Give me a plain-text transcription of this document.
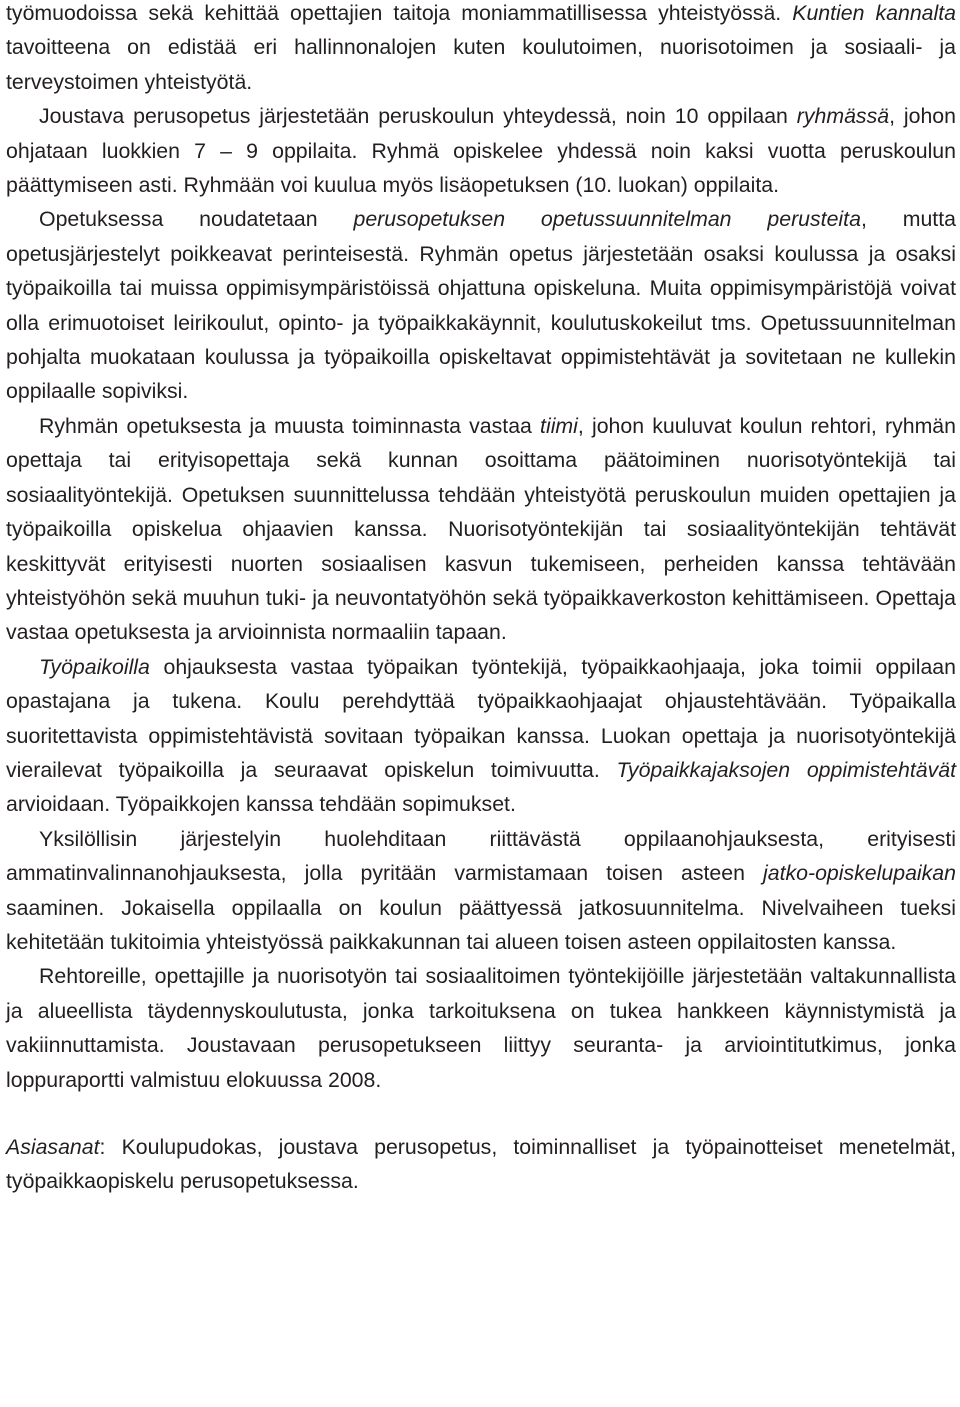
työmuodoissa sekä kehittää opettajien taitoja moniammatillisessa yhteistyössä. Kuntien kannalta tavoitteena on edistää eri hallinnonalojen kuten koulutoimen, nuorisotoimen ja sosiaali- ja terveystoimen yhteistyötä.

Joustava perusopetus järjestetään peruskoulun yhteydessä, noin 10 oppilaan ryhmässä, johon ohjataan luokkien 7 – 9 oppilaita. Ryhmä opiskelee yhdessä noin kaksi vuotta peruskoulun päättymiseen asti. Ryhmään voi kuulua myös lisäopetuksen (10. luokan) oppilaita.

Opetuksessa noudatetaan perusopetuksen opetussuunnitelman perusteita, mutta opetusjärjestelyt poikkeavat perinteisestä. Ryhmän opetus järjestetään osaksi koulussa ja osaksi työpaikoilla tai muissa oppimisympäristöissä ohjattuna opiskeluna. Muita oppimisympäristöjä voivat olla erimuotoiset leirikoulut, opinto- ja työpaikkakäynnit, koulutuskokeilut tms. Opetussuunnitelman pohjalta muokataan koulussa ja työpaikoilla opiskeltavat oppimistehtävät ja sovitetaan ne kullekin oppilaalle sopiviksi.

Ryhmän opetuksesta ja muusta toiminnasta vastaa tiimi, johon kuuluvat koulun rehtori, ryhmän opettaja tai erityisopettaja sekä kunnan osoittama päätoiminen nuorisotyöntekijä tai sosiaalityöntekijä. Opetuksen suunnittelussa tehdään yhteistyötä peruskoulun muiden opettajien ja työpaikoilla opiskelua ohjaavien kanssa. Nuorisotyöntekijän tai sosiaalityöntekijän tehtävät keskittyvät erityisesti nuorten sosiaalisen kasvun tukemiseen, perheiden kanssa tehtävään yhteistyöhön sekä muuhun tuki- ja neuvontatyöhön sekä työpaikkaverkoston kehittämiseen. Opettaja vastaa opetuksesta ja arvioinnista normaaliin tapaan.

Työpaikoilla ohjauksesta vastaa työpaikan työntekijä, työpaikkaohjaaja, joka toimii oppilaan opastajana ja tukena. Koulu perehdyttää työpaikkaohjaajat ohjaustehtävään. Työpaikalla suoritettavista oppimistehtävistä sovitaan työpaikan kanssa. Luokan opettaja ja nuorisotyöntekijä vierailevat työpaikoilla ja seuraavat opiskelun toimivuutta. Työpaikkajaksojen oppimistehtävät arvioidaan. Työpaikkojen kanssa tehdään sopimukset.

Yksilöllisin järjestelyin huolehditaan riittävästä oppilaanohjauksesta, erityisesti ammatinvalinnanohjauksesta, jolla pyritään varmistamaan toisen asteen jatko-opiskelupaikan saaminen. Jokaisella oppilaalla on koulun päättyessä jatkosuunnitelma. Nivelvaiheen tueksi kehitetään tukitoimia yhteistyössä paikkakunnan tai alueen toisen asteen oppilaitosten kanssa.

Rehtoreille, opettajille ja nuorisotyön tai sosiaalitoimen työntekijöille järjestetään valtakunnallista ja alueellista täydennyskoulutusta, jonka tarkoituksena on tukea hankkeen käynnistymistä ja vakiinnuttamista. Joustavaan perusopetukseen liittyy seuranta- ja arviointitutkimus, jonka loppuraportti valmistuu elokuussa 2008.

Asiasanat: Koulupudokas, joustava perusopetus, toiminnalliset ja työpainotteiset menetelmät, työpaikkaopiskelu perusopetuksessa.
